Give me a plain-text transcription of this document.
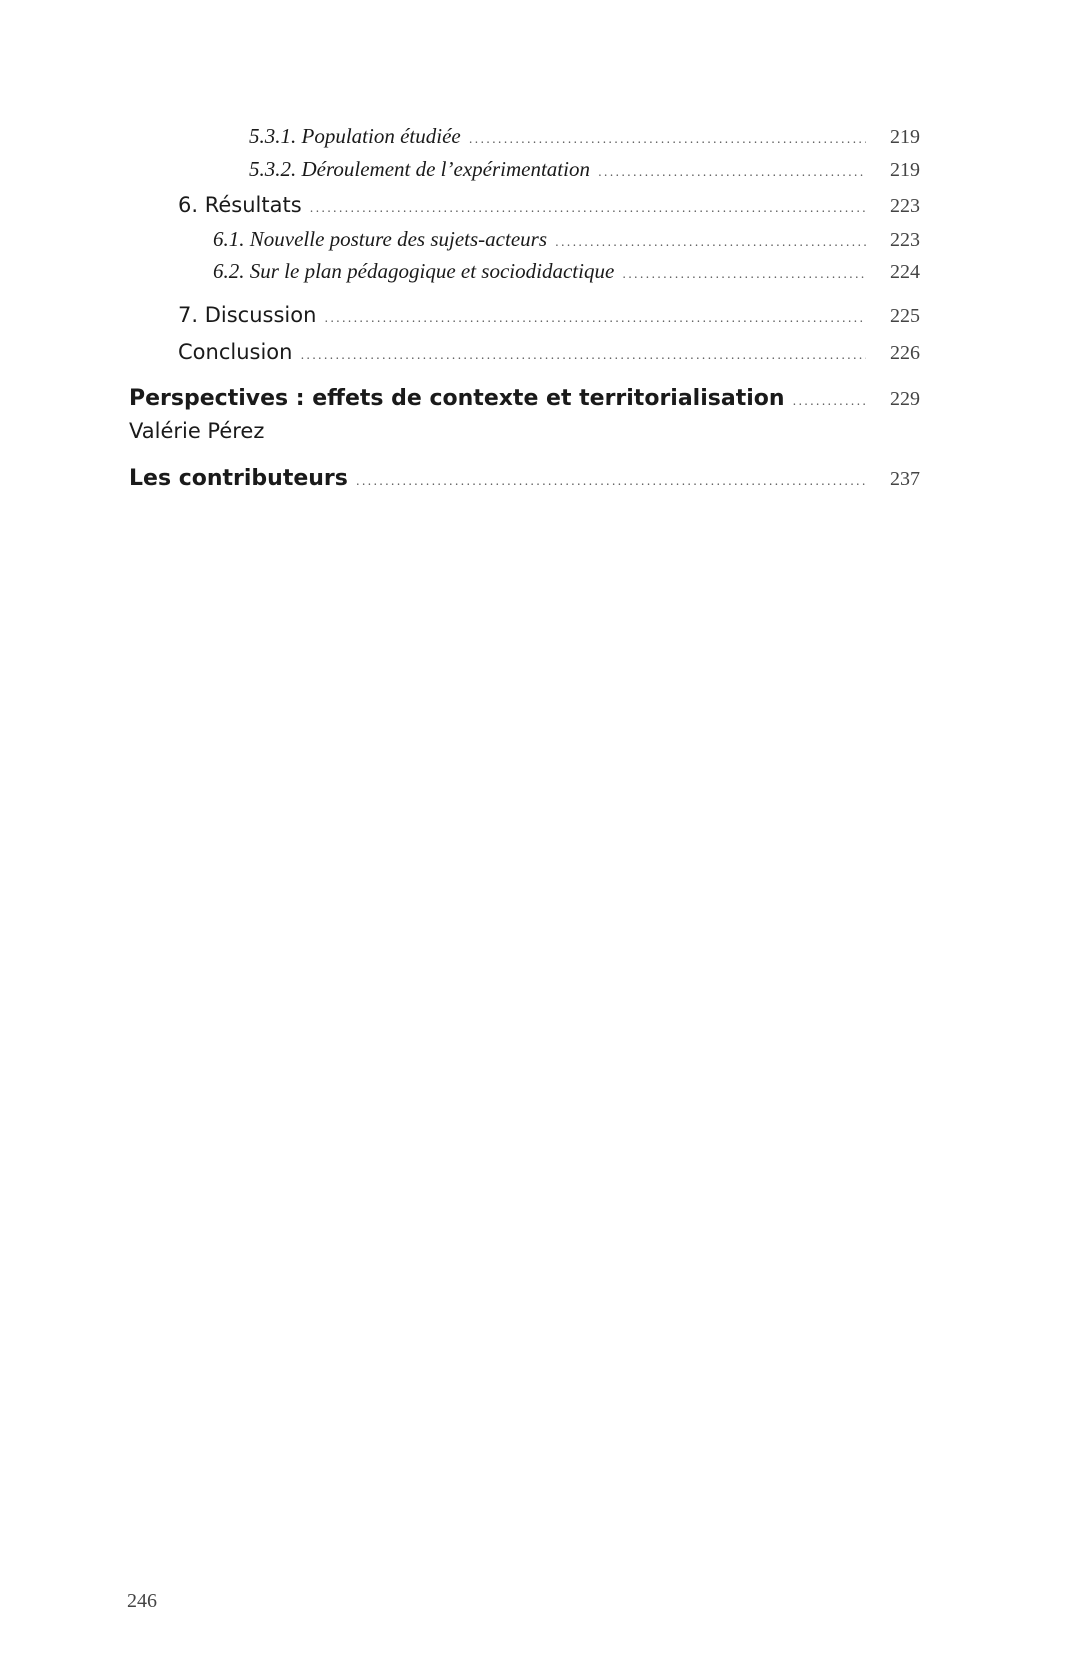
5.3.1. Population étudiée .....	219
5.3.2. Déroulement de l’expérimentation .....	219
6. Résultats .....	223
6.1. Nouvelle posture des sujets-acteurs .....	223
6.2. Sur le plan pédagogique et sociodidactique .....	224
7. Discussion .....	225
Conclusion .....	226
Perspectives : effets de contexte et territorialisation .....	229
Valérie Pérez
Les contributeurs .....	237
246
